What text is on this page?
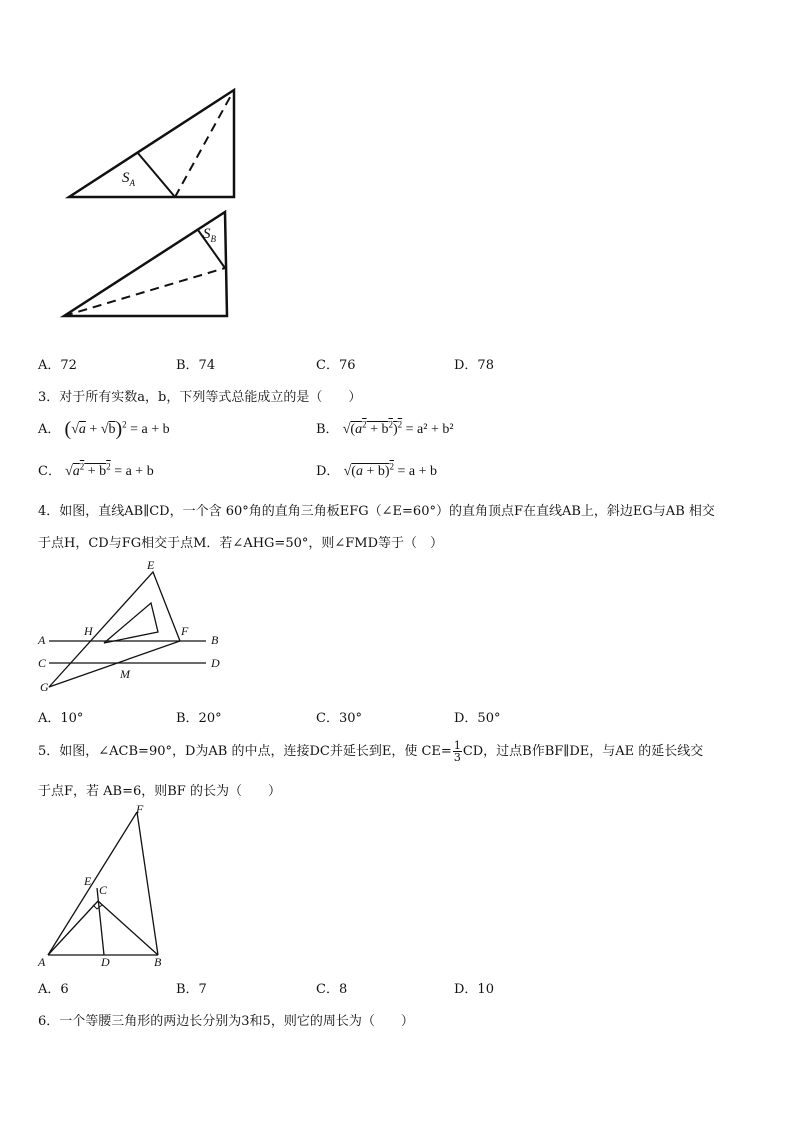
$S_A$
$S_B$
A．72	B．74	C．76	D．78
3．对于所有实数a，b，下列等式总能成立的是（　　）
A． $(√a + √b)^2 = a + b$	B． $√(a^2 + b^2)^2 = a^2 + b^2$
C． $√a^2 + b^2 = a + b$	D． $√(a + b)^2 = a + b$
4．如图，直线AB∥CD，一个含 60°角的直角三角板EFG（∠E=60°）的直角顶点F在直线AB上，斜边EG与AB 相交
于点H，CD与FG相交于点M．若∠AHG=50°，则∠FMD等于（　）
E
H	F
A	B
C	D
M
G
A．10°	B．20°	C．30°	D．50°
5．如图，∠ACB=90°，D为AB 的中点，连接DC并延长到E，使 $CE= \frac{1}{3}$ CD，过点B作BF∥DE，与AE 的延长线交
于点F，若 AB=6，则BF 的长为（　　）
F
E
C
A	D	B
A．6	B．7	C．8	D．10
6．一个等腰三角形的两边长分别为3和5，则它的周长为（　　）
